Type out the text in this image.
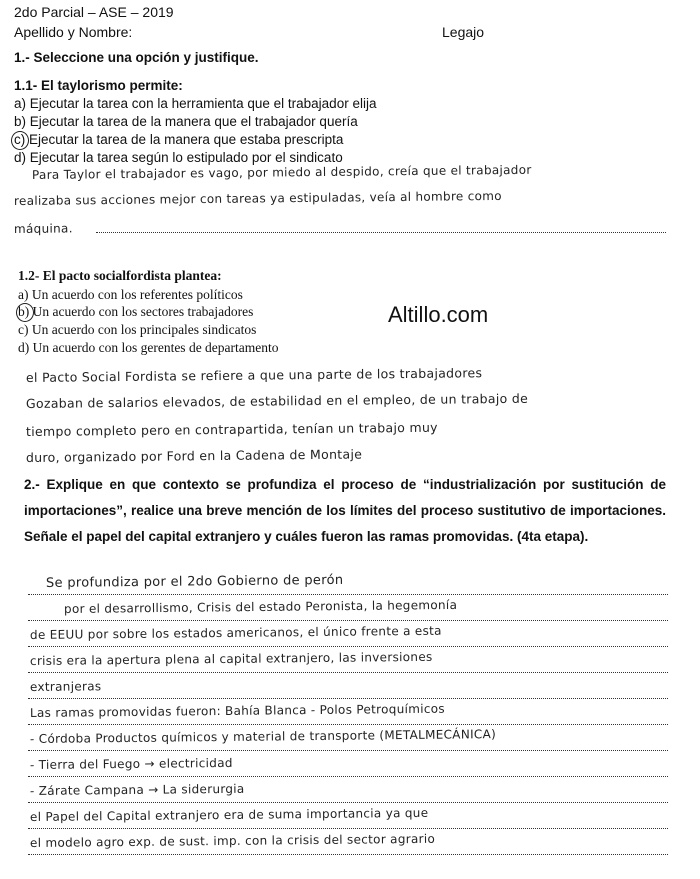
2do Parcial – ASE – 2019
Apellido y Nombre:	Legajo
1.- Seleccione una opción y justifique.
1.1- El taylorismo permite:
a) Ejecutar la tarea con la herramienta que el trabajador elija
b) Ejecutar la tarea de la manera que el trabajador quería
c) Ejecutar la tarea de la manera que estaba prescripta
d) Ejecutar la tarea según lo estipulado por el sindicato
Para Taylor el trabajador es vago, por miedo al despido, creía que el trabajador
realizaba sus acciones mejor con tareas ya estipuladas, veía al hombre como
máquina.
1.2- El pacto socialfordista plantea:
a) Un acuerdo con los referentes políticos
b) Un acuerdo con los sectores trabajadores
c) Un acuerdo con los principales sindicatos
d) Un acuerdo con los gerentes de departamento
Altillo.com
el Pacto Social Fordista se refiere a que una parte de los trabajadores
Gozaban de salarios elevados, de estabilidad en el empleo, de un trabajo de
tiempo completo pero en contrapartida, tenían un trabajo muy
duro, organizado por Ford en la Cadena de Montaje
2.- Explique en que contexto se profundiza el proceso de “industrialización por sustitución de importaciones”, realice una breve mención de los límites del proceso sustitutivo de importaciones. Señale el papel del capital extranjero y cuáles fueron las ramas promovidas. (4ta etapa).
Se profundiza por el 2do Gobierno de perón
por el desarrollismo, Crisis del estado Peronista, la hegemonía
de EEUU por sobre los estados americanos, el único frente a esta
crisis era la apertura plena al capital extranjero, las inversiones
extranjeras
Las ramas promovidas fueron: Bahía Blanca - Polos Petroquímicos
- Córdoba Productos químicos y material de transporte (METALMECÁNICA)
- Tierra del Fuego → electricidad
- Zárate Campana → La siderurgia
el Papel del Capital extranjero era de suma importancia ya que
el modelo agro exp. de sust. imp. con la crisis del sector agrario
